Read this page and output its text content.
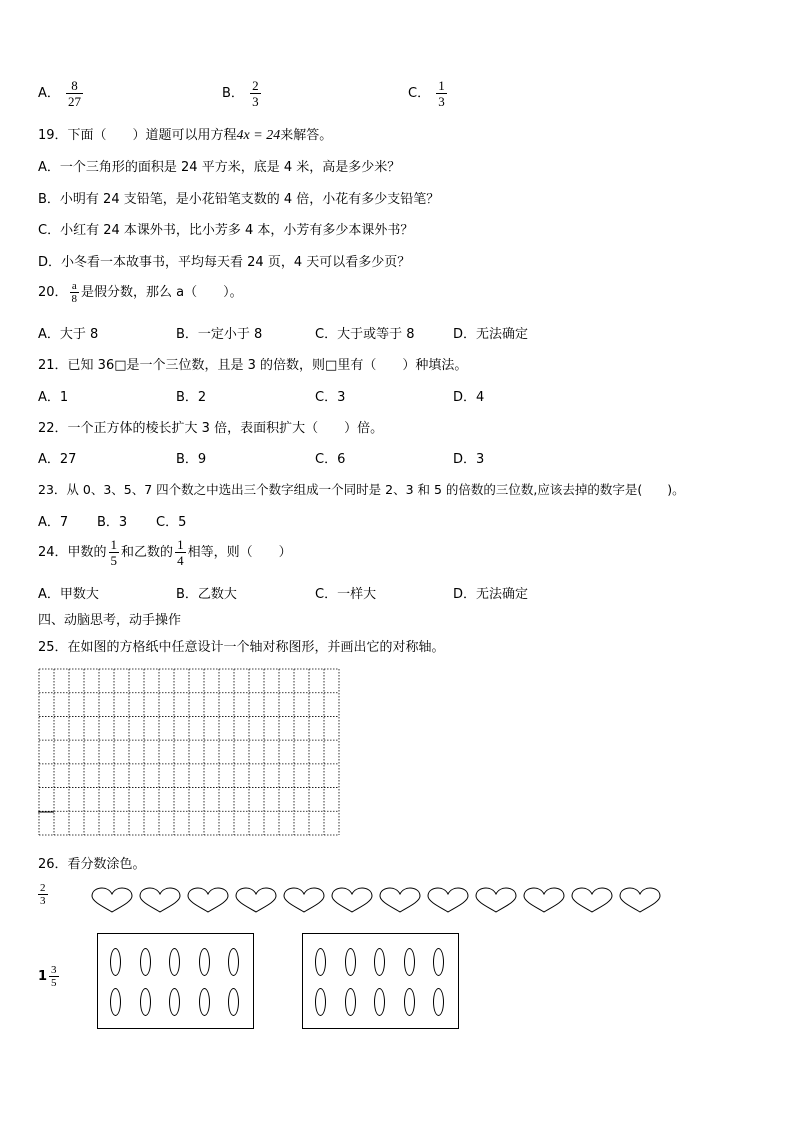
A． $\frac{8}{27}$	B． $\frac{2}{3}$	C． $\frac{1}{3}$
19．下面（　　）道题可以用方程4x = 24来解答。
A．一个三角形的面积是 24 平方米，底是 4 米，高是多少米？
B．小明有 24 支铅笔，是小花铅笔支数的 4 倍，小花有多少支铅笔？
C．小红有 24 本课外书，比小芳多 4 本，小芳有多少本课外书？
D．小冬看一本故事书，平均每天看 24 页，4 天可以看多少页？
20． $\frac{a}{8}$ 是假分数，那么 a（　　）。
A．大于 8	B．一定小于 8	C．大于或等于 8	D．无法确定
21．已知 36□是一个三位数，且是 3 的倍数，则□里有（　　）种填法。
A．1	B．2	C．3	D．4
22．一个正方体的棱长扩大 3 倍，表面积扩大（　　）倍。
A．27	B．9	C．6	D．3
23．从 0、3、5、7 四个数之中选出三个数字组成一个同时是 2、3 和 5 的倍数的三位数,应该去掉的数字是(　　)。
A．7 B．3 C．5
24．甲数的 $\frac{1}{5}$ 和乙数的 $\frac{1}{4}$ 相等，则（　　）
A．甲数大	B．乙数大	C．一样大	D．无法确定
四、动脑思考，动手操作
25．在如图的方格纸中任意设计一个轴对称图形，并画出它的对称轴。
26．看分数涂色。
$\frac{2}{3}$
$1 \frac{3}{5}$
